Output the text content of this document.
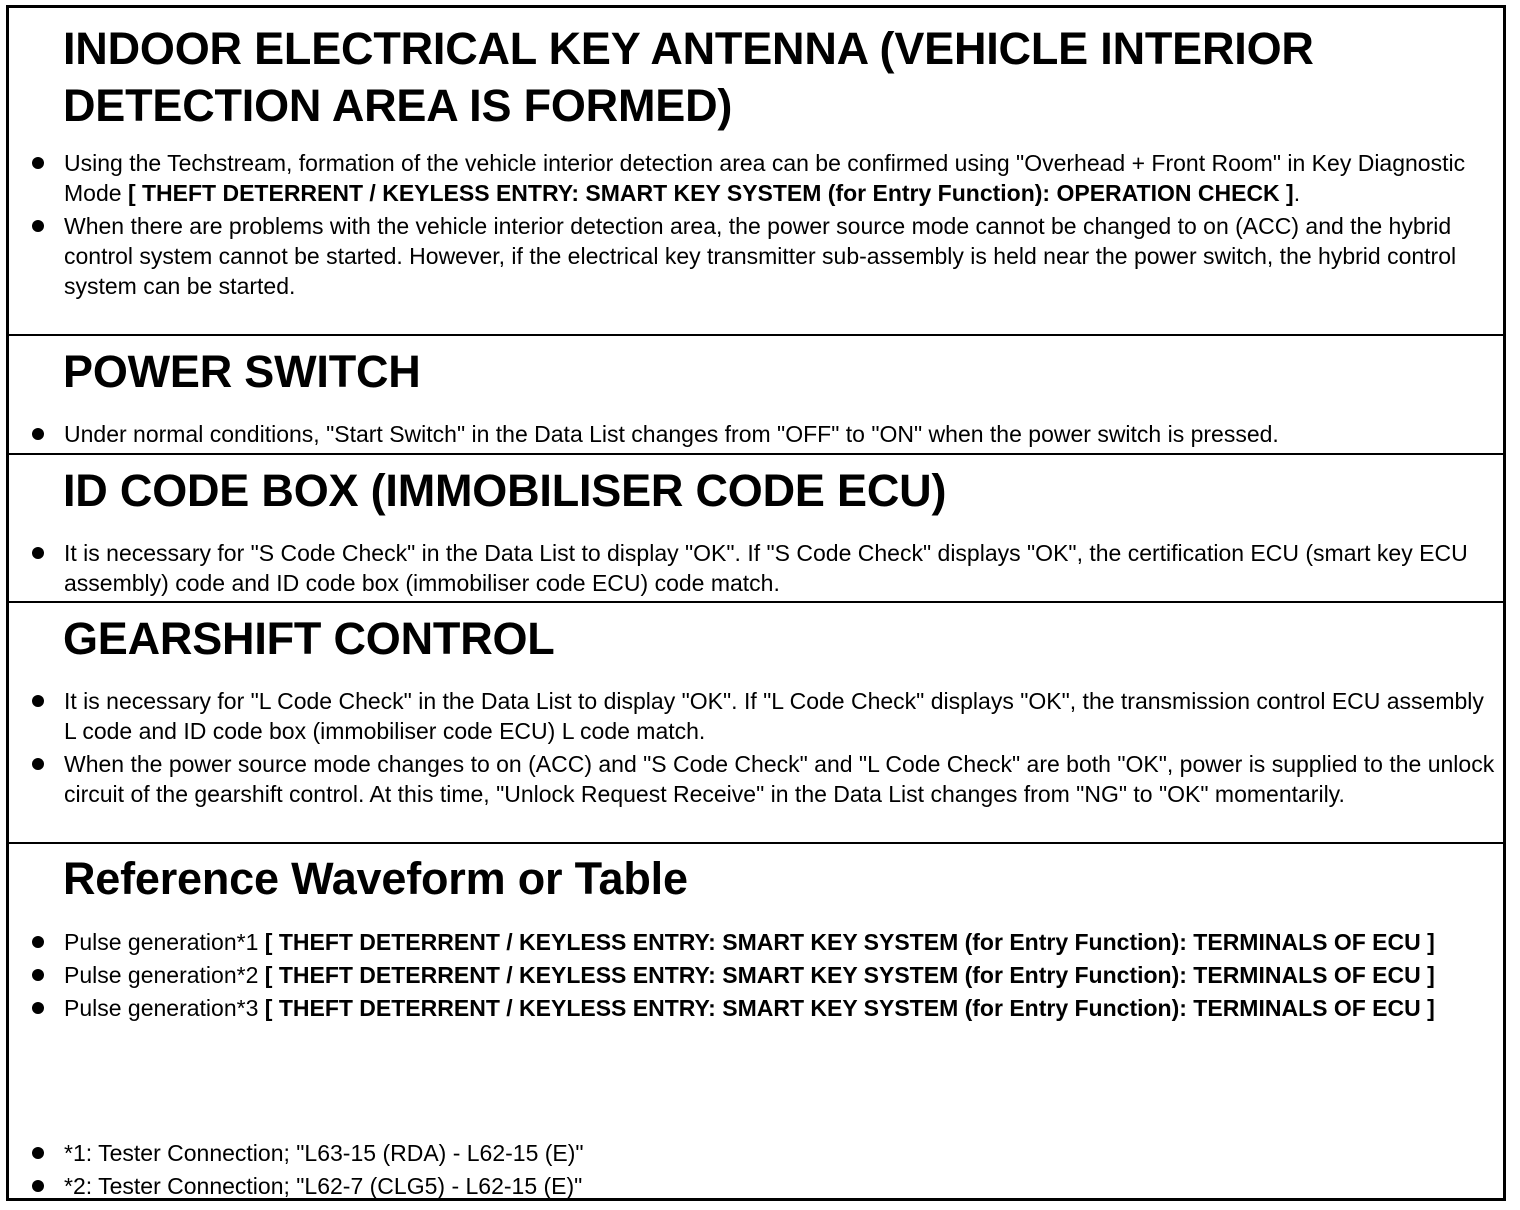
INDOOR ELECTRICAL KEY ANTENNA (VEHICLE INTERIOR DETECTION AREA IS FORMED)
Using the Techstream, formation of the vehicle interior detection area can be confirmed using "Overhead + Front Room" in Key Diagnostic Mode [ THEFT DETERRENT / KEYLESS ENTRY: SMART KEY SYSTEM (for Entry Function): OPERATION CHECK ].
When there are problems with the vehicle interior detection area, the power source mode cannot be changed to on (ACC) and the hybrid control system cannot be started. However, if the electrical key transmitter sub-assembly is held near the power switch, the hybrid control system can be started.
POWER SWITCH
Under normal conditions, "Start Switch" in the Data List changes from "OFF" to "ON" when the power switch is pressed.
ID CODE BOX (IMMOBILISER CODE ECU)
It is necessary for "S Code Check" in the Data List to display "OK". If "S Code Check" displays "OK", the certification ECU (smart key ECU assembly) code and ID code box (immobiliser code ECU) code match.
GEARSHIFT CONTROL
It is necessary for "L Code Check" in the Data List to display "OK". If "L Code Check" displays "OK", the transmission control ECU assembly L code and ID code box (immobiliser code ECU) L code match.
When the power source mode changes to on (ACC) and "S Code Check" and "L Code Check" are both "OK", power is supplied to the unlock circuit of the gearshift control. At this time, "Unlock Request Receive" in the Data List changes from "NG" to "OK" momentarily.
Reference Waveform or Table
Pulse generation*1 [ THEFT DETERRENT / KEYLESS ENTRY: SMART KEY SYSTEM (for Entry Function): TERMINALS OF ECU ]
Pulse generation*2 [ THEFT DETERRENT / KEYLESS ENTRY: SMART KEY SYSTEM (for Entry Function): TERMINALS OF ECU ]
Pulse generation*3 [ THEFT DETERRENT / KEYLESS ENTRY: SMART KEY SYSTEM (for Entry Function): TERMINALS OF ECU ]
*1: Tester Connection; "L63-15 (RDA) - L62-15 (E)"
*2: Tester Connection; "L62-7 (CLG5) - L62-15 (E)"
